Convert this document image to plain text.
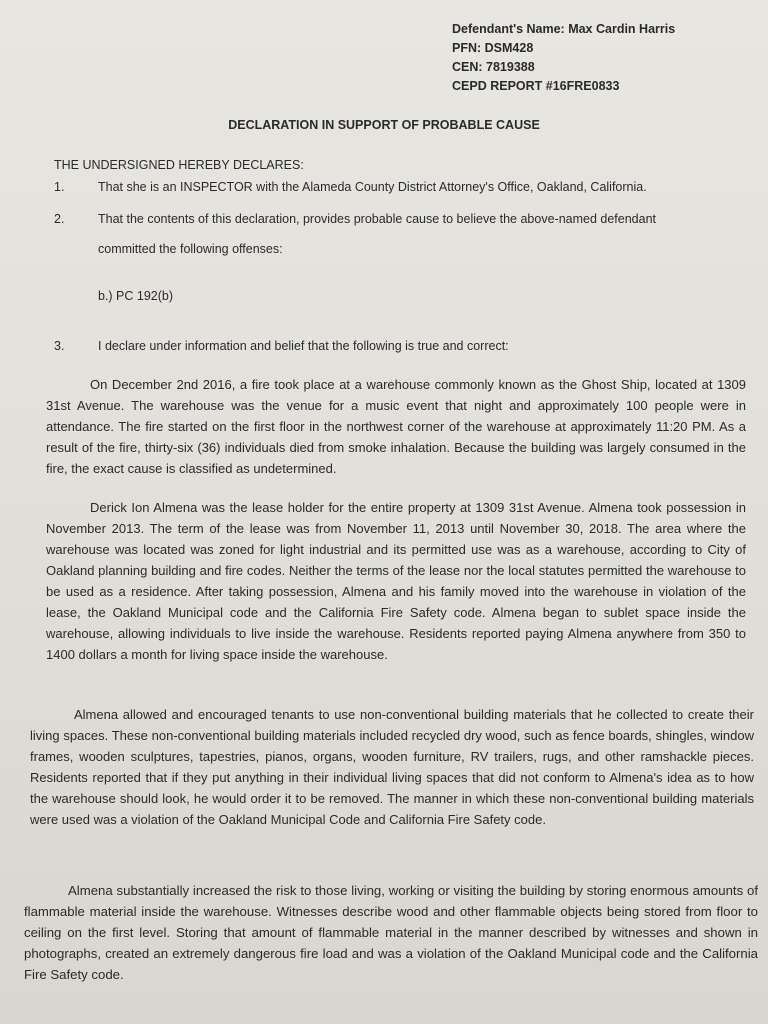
Defendant's Name: Max Cardin Harris
PFN: DSM428
CEN: 7819388
CEPD REPORT #16FRE0833
DECLARATION IN SUPPORT OF PROBABLE CAUSE
THE UNDERSIGNED HEREBY DECLARES:
1.	That she is an INSPECTOR with the Alameda County District Attorney's Office, Oakland, California.
2.	That the contents of this declaration, provides probable cause to believe the above-named defendant
committed the following offenses:
b.) PC 192(b)
3.	I declare under information and belief that the following is true and correct:
On December 2nd 2016, a fire took place at a warehouse commonly known as the Ghost Ship, located at 1309 31st Avenue. The warehouse was the venue for a music event that night and approximately 100 people were in attendance. The fire started on the first floor in the northwest corner of the warehouse at approximately 11:20 PM. As a result of the fire, thirty-six (36) individuals died from smoke inhalation. Because the building was largely consumed in the fire, the exact cause is classified as undetermined.
Derick Ion Almena was the lease holder for the entire property at 1309 31st Avenue. Almena took possession in November 2013. The term of the lease was from November 11, 2013 until November 30, 2018. The area where the warehouse was located was zoned for light industrial and its permitted use was as a warehouse, according to City of Oakland planning building and fire codes. Neither the terms of the lease nor the local statutes permitted the warehouse to be used as a residence. After taking possession, Almena and his family moved into the warehouse in violation of the lease, the Oakland Municipal code and the California Fire Safety code. Almena began to sublet space inside the warehouse, allowing individuals to live inside the warehouse. Residents reported paying Almena anywhere from 350 to 1400 dollars a month for living space inside the warehouse.
Almena allowed and encouraged tenants to use non-conventional building materials that he collected to create their living spaces. These non-conventional building materials included recycled dry wood, such as fence boards, shingles, window frames, wooden sculptures, tapestries, pianos, organs, wooden furniture, RV trailers, rugs, and other ramshackle pieces. Residents reported that if they put anything in their individual living spaces that did not conform to Almena's idea as to how the warehouse should look, he would order it to be removed. The manner in which these non-conventional building materials were used was a violation of the Oakland Municipal Code and California Fire Safety code.
Almena substantially increased the risk to those living, working or visiting the building by storing enormous amounts of flammable material inside the warehouse. Witnesses describe wood and other flammable objects being stored from floor to ceiling on the first level. Storing that amount of flammable material in the manner described by witnesses and shown in photographs, created an extremely dangerous fire load and was a violation of the Oakland Municipal code and the California Fire Safety code.
